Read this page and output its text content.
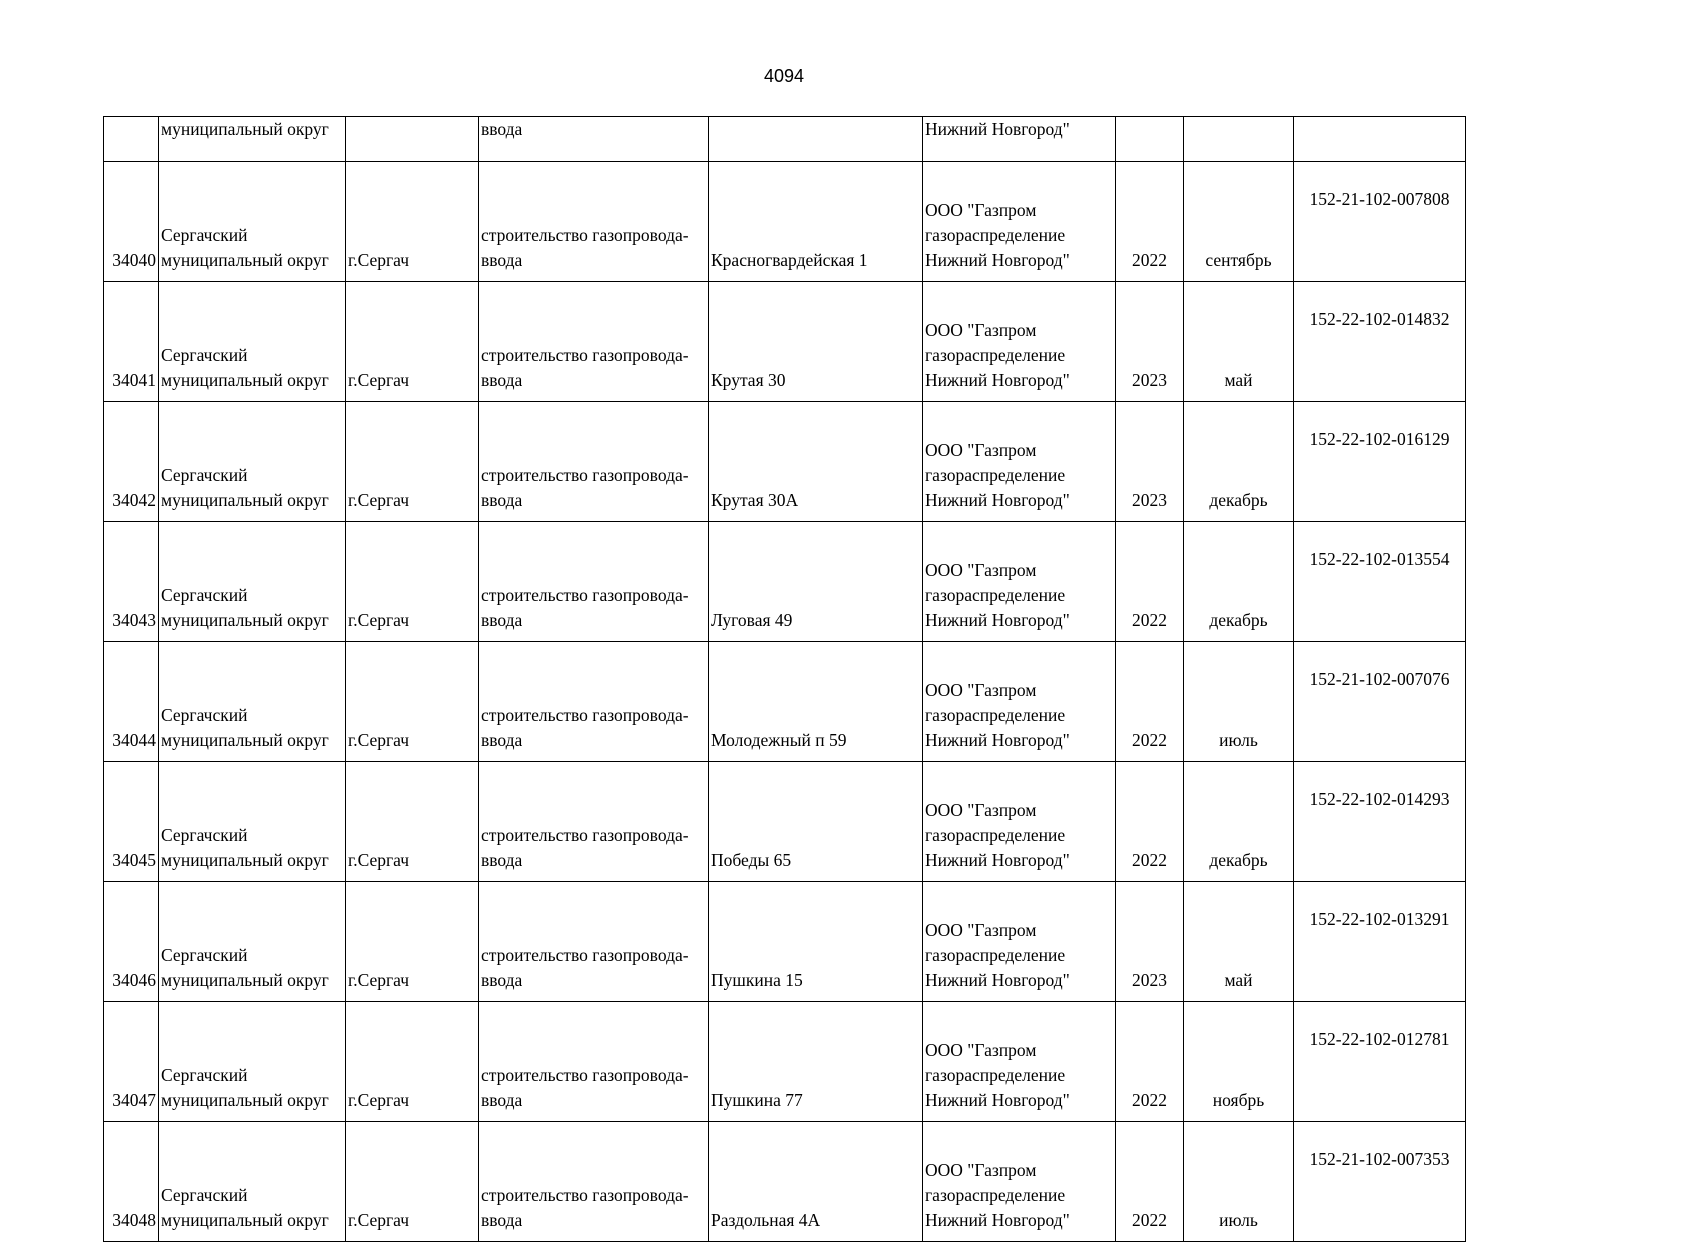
4094
	муниципальный округ		ввода		Нижний Новгород"			
34040	Сергачский
муниципальный округ	г.Сергач	строительство газопровода-
ввода	Красногвардейская 1	ООО "Газпром
газораспределение
Нижний Новгород"	2022	сентябрь	152-21-102-007808
34041	Сергачский
муниципальный округ	г.Сергач	строительство газопровода-
ввода	Крутая 30	ООО "Газпром
газораспределение
Нижний Новгород"	2023	май	152-22-102-014832
34042	Сергачский
муниципальный округ	г.Сергач	строительство газопровода-
ввода	Крутая 30А	ООО "Газпром
газораспределение
Нижний Новгород"	2023	декабрь	152-22-102-016129
34043	Сергачский
муниципальный округ	г.Сергач	строительство газопровода-
ввода	Луговая 49	ООО "Газпром
газораспределение
Нижний Новгород"	2022	декабрь	152-22-102-013554
34044	Сергачский
муниципальный округ	г.Сергач	строительство газопровода-
ввода	Молодежный п 59	ООО "Газпром
газораспределение
Нижний Новгород"	2022	июль	152-21-102-007076
34045	Сергачский
муниципальный округ	г.Сергач	строительство газопровода-
ввода	Победы 65	ООО "Газпром
газораспределение
Нижний Новгород"	2022	декабрь	152-22-102-014293
34046	Сергачский
муниципальный округ	г.Сергач	строительство газопровода-
ввода	Пушкина 15	ООО "Газпром
газораспределение
Нижний Новгород"	2023	май	152-22-102-013291
34047	Сергачский
муниципальный округ	г.Сергач	строительство газопровода-
ввода	Пушкина 77	ООО "Газпром
газораспределение
Нижний Новгород"	2022	ноябрь	152-22-102-012781
34048	Сергачский
муниципальный округ	г.Сергач	строительство газопровода-
ввода	Раздольная 4А	ООО "Газпром
газораспределение
Нижний Новгород"	2022	июль	152-21-102-007353
